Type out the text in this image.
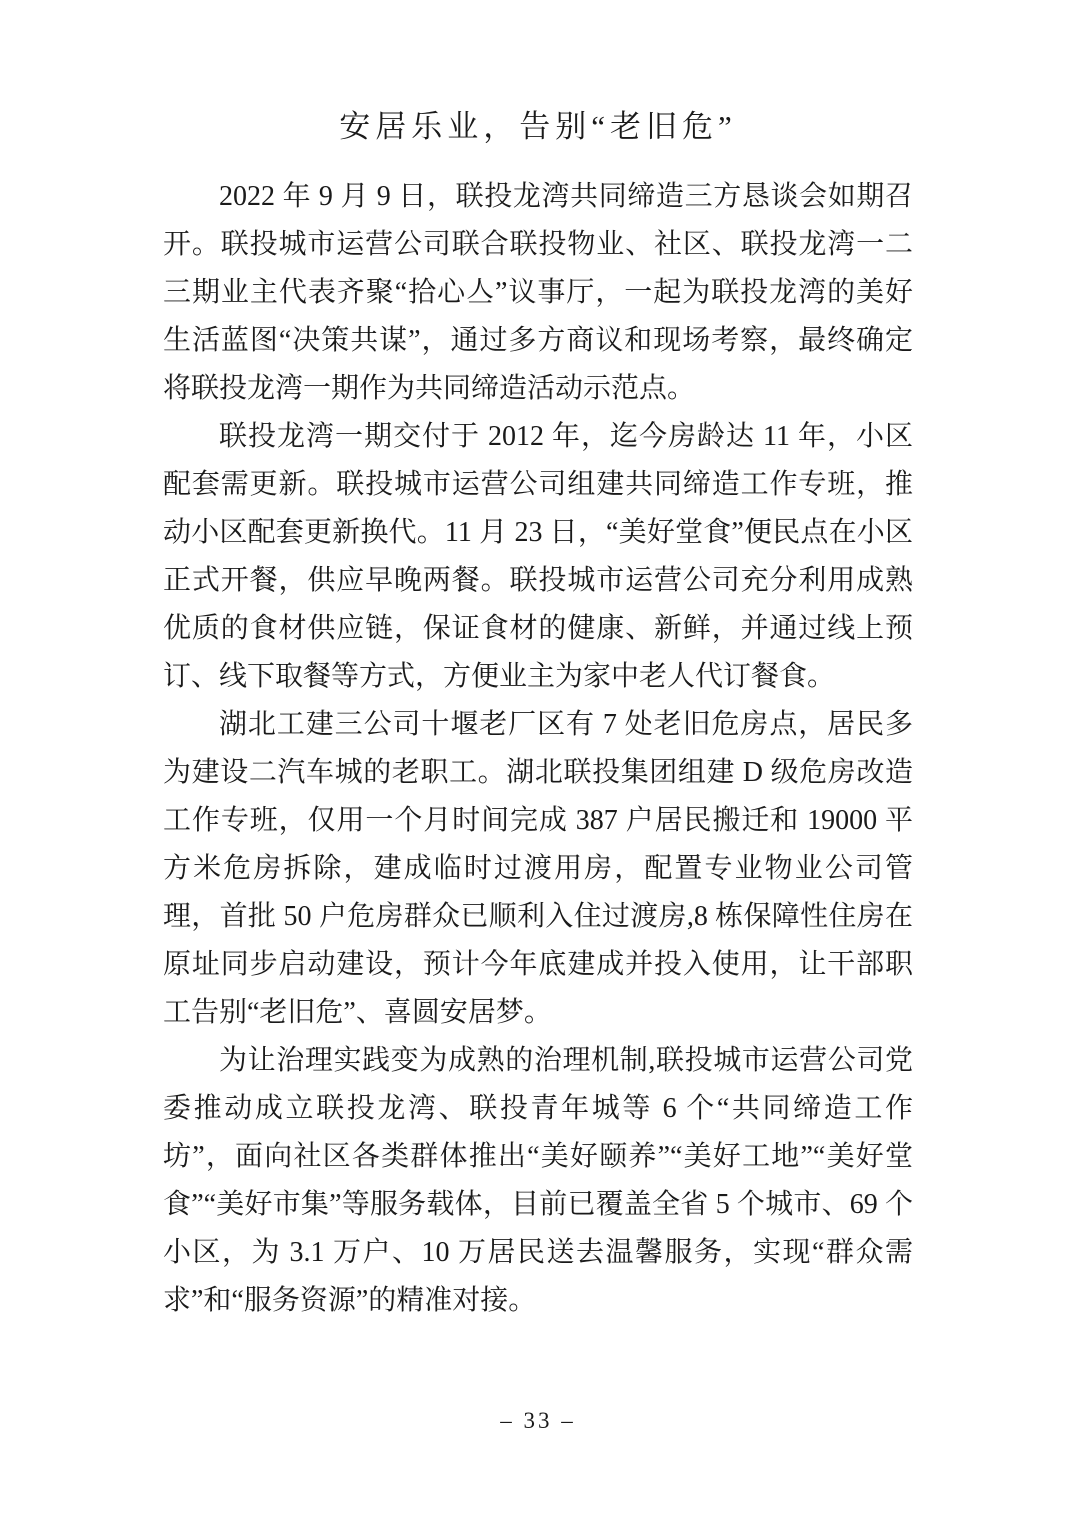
安居乐业，告别“老旧危”

2022 年 9 月 9 日，联投龙湾共同缔造三方恳谈会如期召开。联投城市运营公司联合联投物业、社区、联投龙湾一二三期业主代表齐聚“拾心亼”议事厅，一起为联投龙湾的美好生活蓝图“决策共谋”，通过多方商议和现场考察，最终确定将联投龙湾一期作为共同缔造活动示范点。

联投龙湾一期交付于 2012 年，迄今房龄达 11 年，小区配套需更新。联投城市运营公司组建共同缔造工作专班，推动小区配套更新换代。11 月 23 日，“美好堂食”便民点在小区正式开餐，供应早晚两餐。联投城市运营公司充分利用成熟优质的食材供应链，保证食材的健康、新鲜，并通过线上预订、线下取餐等方式，方便业主为家中老人代订餐食。

湖北工建三公司十堰老厂区有 7 处老旧危房点，居民多为建设二汽车城的老职工。湖北联投集团组建 D 级危房改造工作专班，仅用一个月时间完成 387 户居民搬迁和 19000 平方米危房拆除，建成临时过渡用房，配置专业物业公司管理，首批 50 户危房群众已顺利入住过渡房,8 栋保障性住房在原址同步启动建设，预计今年底建成并投入使用，让干部职工告别“老旧危”、喜圆安居梦。

为让治理实践变为成熟的治理机制,联投城市运营公司党委推动成立联投龙湾、联投青年城等 6 个“共同缔造工作坊”，面向社区各类群体推出“美好颐养”“美好工地”“美好堂食”“美好市集”等服务载体，目前已覆盖全省 5 个城市、69 个小区，为 3.1 万户、10 万居民送去温馨服务，实现“群众需求”和“服务资源”的精准对接。

– 33 –
